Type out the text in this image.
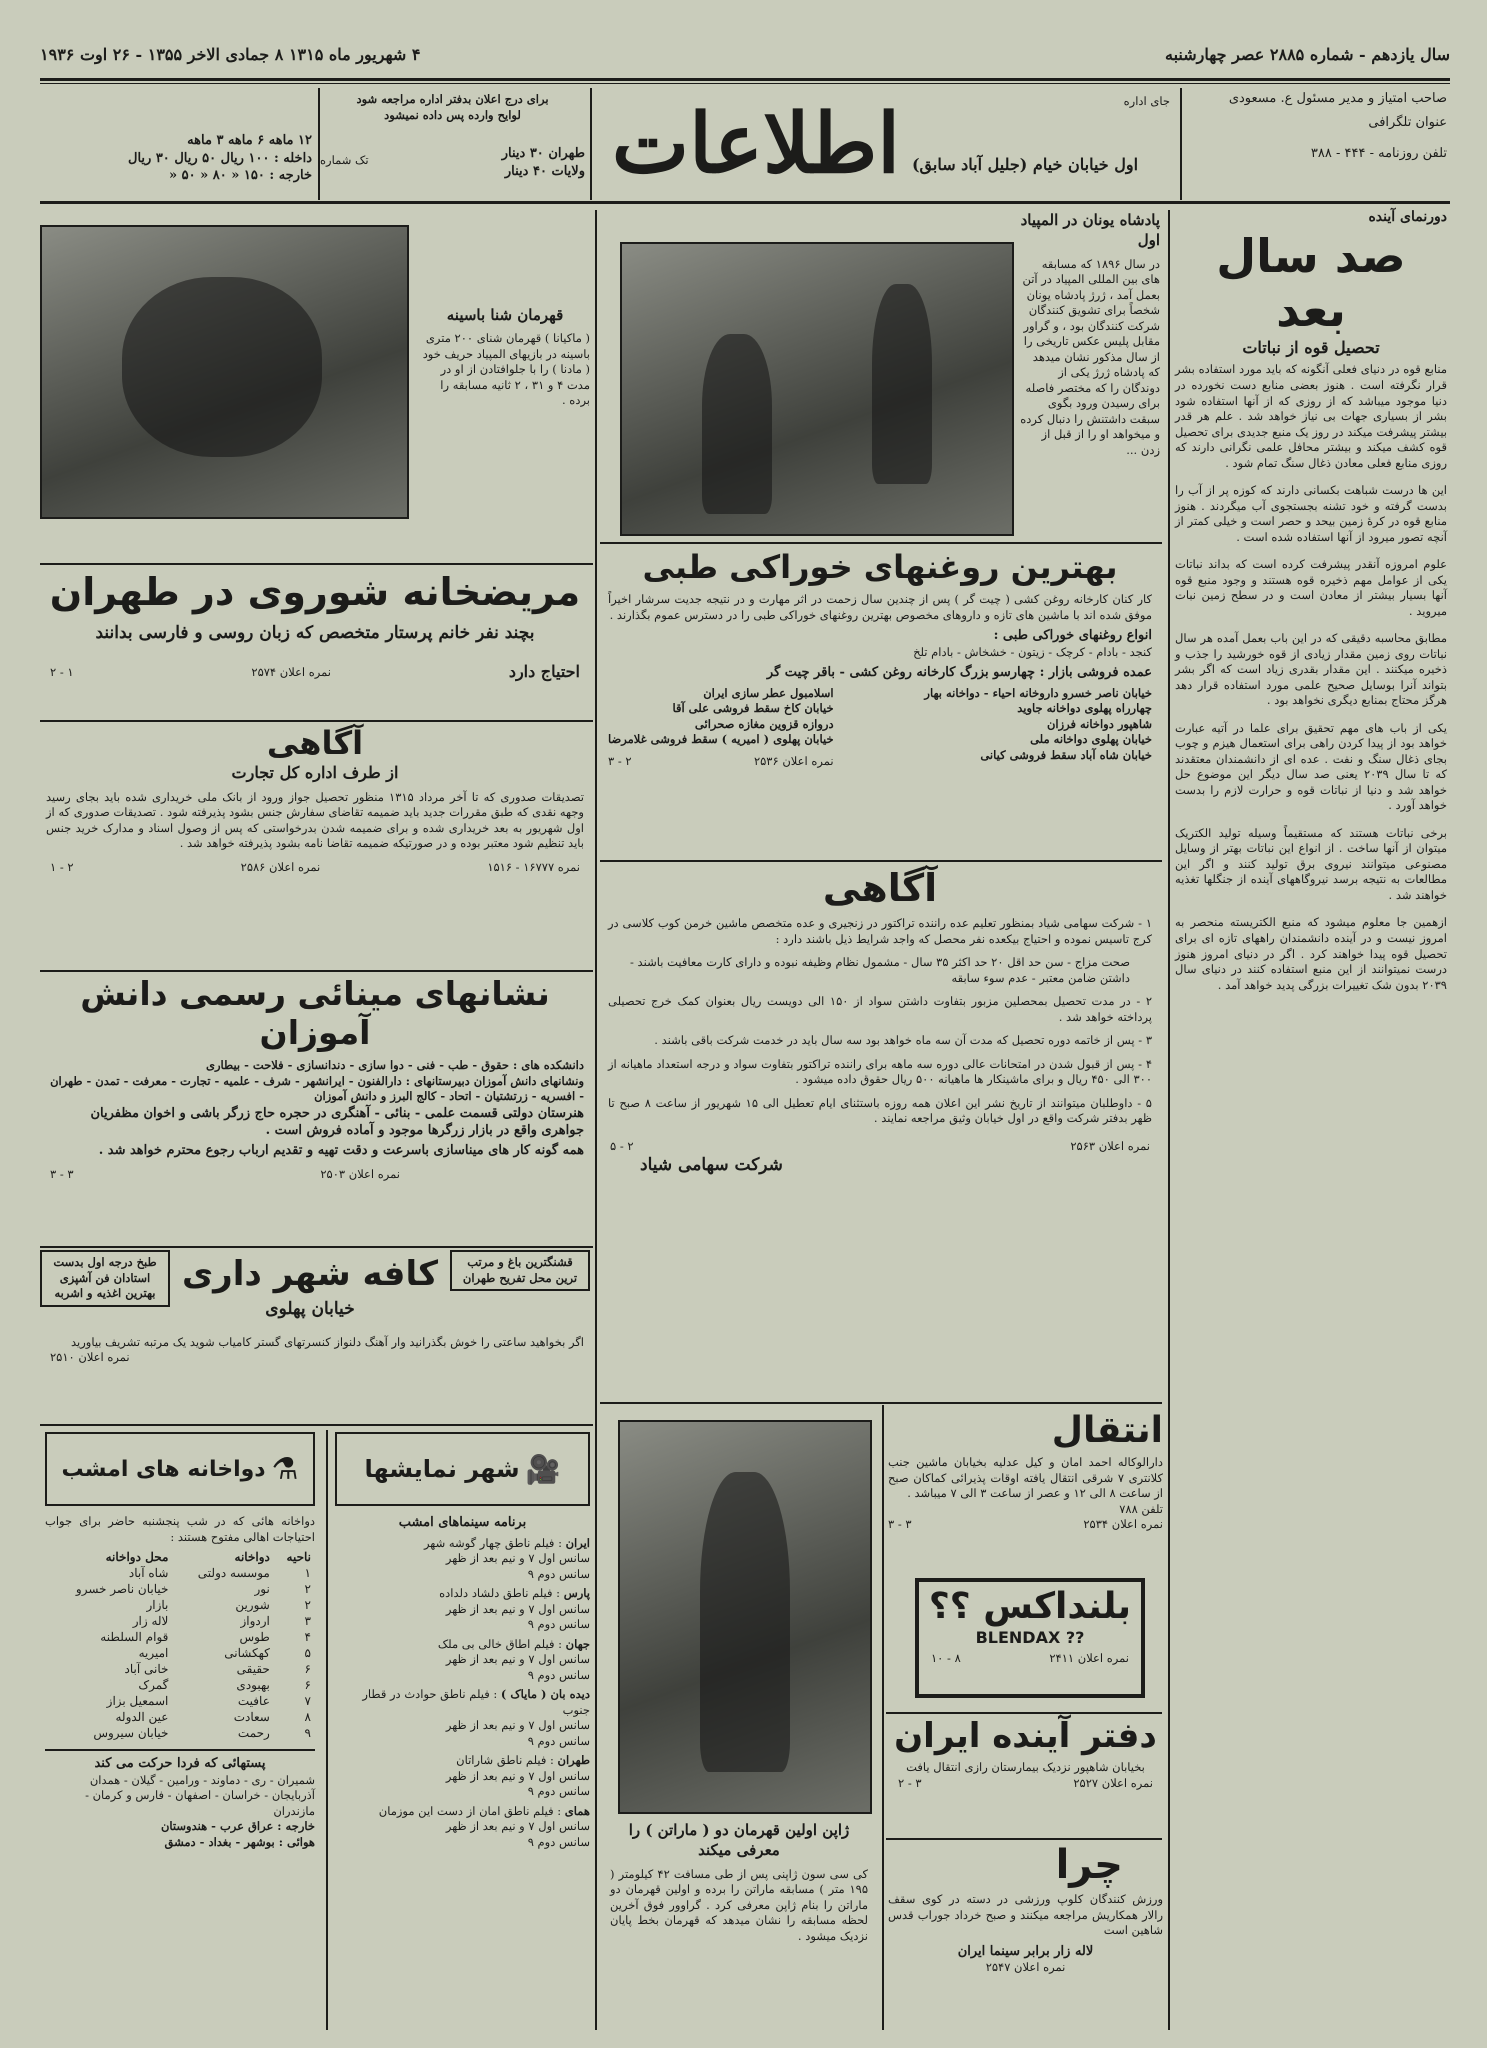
سال یازدهم - شماره ۲۸۸۵ عصر چهارشنبه
۴ شهریور ماه ۱۳۱۵ ۸ جمادی الاخر ۱۳۵۵ - ۲۶ اوت ۱۹۳۶

صاحب امتیاز و مدیر مسئول ع. مسعودی

عنوان تلگرافی

تلفن روزنامه - ۴۴۴ - ۳۸۸

جای اداره

اول خیابان خیام (جلیل آباد سابق)

اطلاعات

برای درج اعلان بدفتر اداره مراجعه شود

لوایح وارده پس داده نمیشود

طهران ۳۰ دینار

ولایات ۴۰ دینار

تک شماره

۱۲ ماهه ۶ ماهه ۳ ماهه

داخله : ۱۰۰ ریال ۵۰ ریال ۳۰ ریال

خارجه : ۱۵۰ « ۸۰ « ۵۰ «

دورنمای آینده

صد سال بعد

تحصیل قوه از نباتات

منابع قوه در دنیای فعلی آنگونه که باید مورد استفاده بشر قرار نگرفته است . هنوز بعضی منابع دست نخورده در دنیا موجود میباشد که از روزی که از آنها استفاده شود بشر از بسیاری جهات بی نیاز خواهد شد . علم هر قدر بیشتر پیشرفت میکند در روز یک منبع جدیدی برای تحصیل قوه کشف میکند و بیشتر محافل علمی نگرانی دارند که روزی منابع فعلی معادن ذغال سنگ تمام شود .

این ها درست شباهت بکسانی دارند که کوزه پر از آب را بدست گرفته و خود تشنه بجستجوی آب میگردند . هنوز منابع قوه در کرۀ زمین بیحد و حصر است و خیلی کمتر از آنچه تصور میرود از آنها استفاده شده است .

علوم امروزه آنقدر پیشرفت کرده است که بداند نباتات یکی از عوامل مهم ذخیره قوه هستند و وجود منبع قوه آنها بسیار بیشتر از معادن است و در سطح زمین نبات میروید .

مطابق محاسبه دقیقی که در این باب بعمل آمده هر سال نباتات روی زمین مقدار زیادی از قوه خورشید را جذب و ذخیره میکنند . این مقدار بقدری زیاد است که اگر بشر بتواند آنرا بوسایل صحیح علمی مورد استفاده قرار دهد هرگز محتاج بمنابع دیگری نخواهد بود .

یکی از باب های مهم تحقیق برای علما در آتیه عبارت خواهد بود از پیدا کردن راهی برای استعمال هیزم و چوب بجای ذغال سنگ و نفت . عده ای از دانشمندان معتقدند که تا سال ۲۰۳۹ یعنی صد سال دیگر این موضوع حل خواهد شد و دنیا از نباتات قوه و حرارت لازم را بدست خواهد آورد .

برخی نباتات هستند که مستقیماً وسیله تولید الکتریک میتوان از آنها ساخت . از انواع این نباتات بهتر از وسایل مصنوعی میتوانند نیروی برق تولید کنند و اگر این مطالعات به نتیجه برسد نیروگاههای آینده از جنگلها تغذیه خواهند شد .

ازهمین جا معلوم میشود که منبع الکتریسته منحصر به امروز نیست و در آینده دانشمندان راههای تازه ای برای تحصیل قوه پیدا خواهند کرد . اگر در دنیای امروز هنوز درست نمیتوانند از این منبع استفاده کنند در دنیای سال ۲۰۳۹ بدون شک تغییرات بزرگی پدید خواهد آمد .

پادشاه یونان در المپیاد اول

در سال ۱۸۹۶ که مسابقه های بین المللی المپیاد در آتن بعمل آمد ، ژرژ پادشاه یونان شخصاً برای تشویق کنندگان شرکت کنندگان بود ، و گراور مقابل پلیس عکس تاریخی را از سال مذکور نشان میدهد که پادشاه ژرژ یکی از دوندگان را که مختصر فاصله برای رسیدن ورود بگوی سبقت داشتنش را دنبال کرده و میخواهد او را از قبل از زدن ...

قهرمان شنا باسینه

( ماکیانا ) قهرمان شنای ۲۰۰ متری باسینه در بازیهای المپیاد حریف خود ( مادنا ) را با جلوافتادن از او در مدت ۴ و ۳۱ ، ۲ ثانیه مسابقه را برده .

مریضخانه شوروی در طهران

بچند نفر خانم پرستار متخصص که زبان روسی و فارسی بدانند

احتیاج دارد

نمره اعلان ۲۵۷۴

۱ - ۲

بهترین روغنهای خوراکی طبی

کار کنان کارخانه روغن کشی ( چیت گر ) پس از چندین سال زحمت در اثر مهارت و در نتیجه جدیت سرشار اخیراً موفق شده اند با ماشین های تازه و داروهای مخصوص بهترین روغنهای خوراکی طبی را در دسترس عموم بگذارند .

انواع روغنهای خوراکی طبی :

کنجد - بادام - کرچک - زیتون - خشخاش - بادام تلخ

عمده فروشی بازار : چهارسو بزرگ کارخانه روغن کشی - باقر چیت گر

خیابان ناصر خسرو داروخانه احیاء - دواخانه بهار

چهارراه پهلوی دواخانه جاوید

شاهپور دواخانه فرزان

خیابان پهلوی دواخانه ملی

خیابان شاه آباد سقط فروشی کیانی

اسلامبول عطر سازی ایران

خیابان کاخ سقط فروشی علی آقا

دروازه قزوین مغازه صحرائی

خیابان پهلوی ( امیریه ) سقط فروشی غلامرضا

نمره اعلان ۲۵۳۶

۲ - ۳

آگاهی

از طرف اداره کل تجارت

تصدیقات صدوری که تا آخر مرداد ۱۳۱۵ منظور تحصیل جواز ورود از بانک ملی خریداری شده باید بجای رسید وجهه نقدی که طبق مقررات جدید باید ضمیمه تقاضای سفارش جنس بشود پذیرفته شود . تصدیقات صدوری که از اول شهریور به بعد خریداری شده و برای ضمیمه شدن بدرخواستی که پس از وصول اسناد و مدارک خرید جنس باید تنظیم شود معتبر بوده و در صورتیکه ضمیمه تقاضا نامه بشود پذیرفته خواهد شد .

نمره ۱۶۷۷۷ - ۱۵۱۶

نمره اعلان ۲۵۸۶

۲ - ۱

نشانهای مینائی رسمی دانش آموزان

دانشکده های : حقوق - طب - فنی - دوا سازی - دندانسازی - فلاحت - بیطاری

ونشانهای دانش آموزان دبیرستانهای : دارالفنون - ایرانشهر - شرف - علمیه - تجارت - معرفت - تمدن - طهران - افسریه - زرتشتیان - اتحاد - کالج البرز و دانش آموزان

هنرستان دولتی قسمت علمی - بنائی - آهنگری در حجره حاج زرگر باشی و اخوان مظفریان جواهری واقع در بازار زرگرها موجود و آماده فروش است .

همه گونه کار های میناسازی باسرعت و دقت تهیه و تقدیم ارباب رجوع محترم خواهد شد .

نمره اعلان ۲۵۰۳

۳ - ۳

قشنگترین باغ و مرتب ترین محل تفریح طهران

کافه شهر داری

خیابان پهلوی

طبخ درجه اول بدست استادان فن آشپزی بهترین اغذیه و اشربه

اگر بخواهید ساعتی را خوش بگذرانید وار آهنگ دلنواز کنسرتهای گستر کامیاب شوید یک مرتبه تشریف بیاورید

نمره اعلان ۲۵۱۰

⚗
دواخانه های امشب

دواخانه هائی که در شب پنجشنبه حاضر برای جواب احتیاجات اهالی مفتوح هستند :

ناحیه	دواخانه	محل دواخانه
۱	موسسه دولتی	شاه آباد
۲	نور	خیابان ناصر خسرو
۲	شورین	بازار
۳	اردواز	لاله زار
۴	طوس	قوام السلطنه
۵	کهکشانی	امیریه
۶	حقیقی	خانی آباد
۶	بهبودی	گمرک
۷	عافیت	اسمعیل بزاز
۸	سعادت	عین الدوله
۹	رحمت	خیابان سیروس

پستهائی که فردا حرکت می کند

شمیران - ری - دماوند - ورامین - گیلان - همدان

آذربایجان - خراسان - اصفهان - فارس و کرمان - مازندران

خارجه : عراق عرب - هندوستان

هوائی : بوشهر - بغداد - دمشق

🎥
شهر نمایشها

برنامه سینماهای امشب

ایران : فیلم ناطق چهار گوشه شهر

سانس اول ۷ و نیم بعد از ظهر

سانس دوم ۹

پارس : فیلم ناطق دلشاد دلداده

سانس اول ۷ و نیم بعد از ظهر

سانس دوم ۹

جهان : فیلم اطاق خالی بی ملک

سانس اول ۷ و نیم بعد از ظهر

سانس دوم ۹

دیده بان ( مایاک ) : فیلم ناطق حوادث در قطار جنوب

سانس اول ۷ و نیم بعد از ظهر

سانس دوم ۹

طهران : فیلم ناطق شاراتان

سانس اول ۷ و نیم بعد از ظهر

سانس دوم ۹

همای : فیلم ناطق امان از دست این موزمان

سانس اول ۷ و نیم بعد از ظهر

سانس دوم ۹

آگاهی

۱ - شرکت سهامی شیاد بمنظور تعلیم عده راننده تراکتور در زنجیری و عده متخصص ماشین خرمن کوب کلاسی در کرج تاسیس نموده و احتیاج بیکعده نفر محصل که واجد شرایط ذیل باشند دارد :

صحت مزاج - سن حد اقل ۲۰ حد اکثر ۳۵ سال - مشمول نظام وظیفه نبوده و دارای کارت معافیت باشند - داشتن ضامن معتبر - عدم سوء سابقه

۲ - در مدت تحصیل بمحصلین مزبور بتفاوت داشتن سواد از ۱۵۰ الی دویست ریال بعنوان کمک خرج تحصیلی پرداخته خواهد شد .

۳ - پس از خاتمه دوره تحصیل که مدت آن سه ماه خواهد بود سه سال باید در خدمت شرکت باقی باشند .

۴ - پس از قبول شدن در امتحانات عالی دوره سه ماهه برای راننده تراکتور بتفاوت سواد و درجه استعداد ماهیانه از ۳۰۰ الی ۴۵۰ ریال و برای ماشینکار ها ماهیانه ۵۰۰ ریال حقوق داده میشود .

۵ - داوطلبان میتوانند از تاریخ نشر این اعلان همه روزه باستثنای ایام تعطیل الی ۱۵ شهریور از ساعت ۸ صبح تا ظهر بدفتر شرکت واقع در اول خیابان وثیق مراجعه نمایند .

نمره اعلان ۲۵۶۳

۲ - ۵

شرکت سهامی شیاد

ژاپن اولین قهرمان دو ( ماراتن ) را معرفی میکند

کی سی سون ژاپنی پس از طی مسافت ۴۲ کیلومتر ( ۱۹۵ متر ) مسابقه ماراتن را برده و اولین قهرمان دو ماراتن را بنام ژاپن معرفی کرد . گراوور فوق آخرین لحظه مسابقه را نشان میدهد که قهرمان بخط پایان نزدیک میشود .

انتقال

دارالوکاله احمد امان و کیل عدلیه بخیابان ماشین جنب کلانتری ۷ شرقی انتقال یافته اوقات پذیرائی کماکان صبح از ساعت ۸ الی ۱۲ و عصر از ساعت ۳ الی ۷ میباشد .

تلفن ۷۸۸

نمره اعلان ۲۵۳۴

۳ - ۳

بلنداکس ؟؟

BLENDAX ??

نمره اعلان ۲۴۱۱

۸ - ۱۰

دفتر آینده ایران

بخیابان شاهپور نزدیک بیمارستان رازی انتقال یافت

نمره اعلان ۲۵۲۷

۳ - ۲

چرا

ورزش کنندگان کلوپ ورزشی در دسته در کوی سقف رالار همکاریش مراجعه میکنند و صبح خرداد جوراب قدس شاهین است

لاله زار برابر سینما ایران

نمره اعلان ۲۵۴۷
